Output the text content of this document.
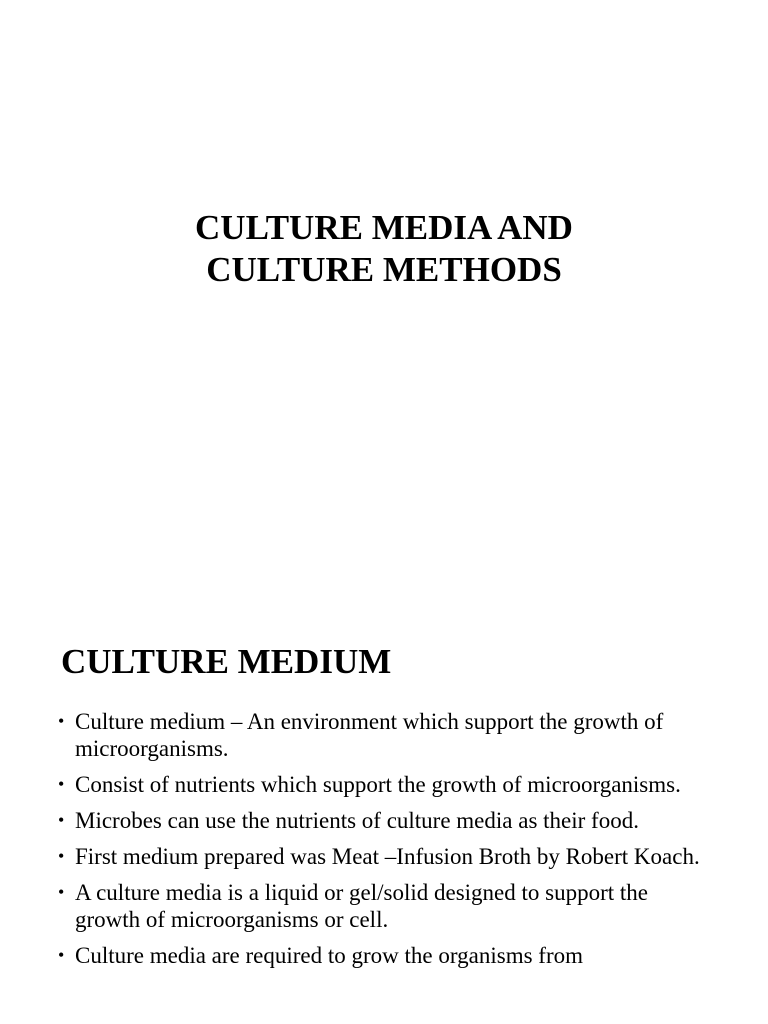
CULTURE MEDIA AND
CULTURE METHODS
CULTURE MEDIUM
• Culture medium – An environment which support the growth of microorganisms.
• Consist of nutrients which support the growth of microorganisms.
• Microbes can use the nutrients of culture media as their food.
• First medium prepared was Meat –Infusion Broth by Robert Koach.
• A culture media is a liquid or gel/solid designed to support the growth of microorganisms or cell.
• Culture media are required to grow the organisms from
